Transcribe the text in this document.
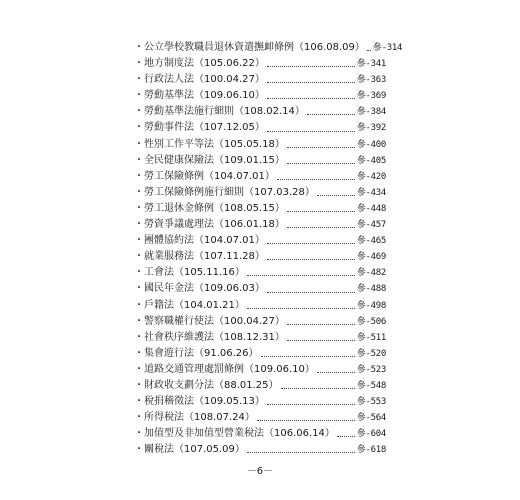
・ 公立學校教職員退休資遣撫卹條例（106.08.09） 參-314
・ 地方制度法（105.06.22）	參-341
・ 行政法人法（100.04.27）	參-363
・ 勞動基準法（109.06.10）	參-369
・ 勞動基準法施行細則（108.02.14）	參-384
・ 勞動事件法（107.12.05）	參-392
・ 性別工作平等法（105.05.18）	參-400
・ 全民健康保險法（109.01.15）	參-405
・ 勞工保險條例（104.07.01）	參-420
・ 勞工保險條例施行細則（107.03.28）	參-434
・ 勞工退休金條例（108.05.15）	參-448
・ 勞資爭議處理法（106.01.18）	參-457
・ 團體協約法（104.07.01）	參-465
・ 就業服務法（107.11.28）	參-469
・ 工會法（105.11.16）	參-482
・ 國民年金法（109.06.03）	參-488
・ 戶籍法（104.01.21）	參-498
・ 警察職權行使法（100.04.27）	參-506
・ 社會秩序維護法（108.12.31）	參-511
・ 集會遊行法（91.06.26）	參-520
・ 道路交通管理處罰條例（109.06.10）	參-523
・ 財政收支劃分法（88.01.25）	參-548
・ 稅捐稽徵法（109.05.13）	參-553
・ 所得稅法（108.07.24）	參-564
・ 加值型及非加值型營業稅法（106.06.14） 參-604
・ 關稅法（107.05.09）	參-618
－6－
